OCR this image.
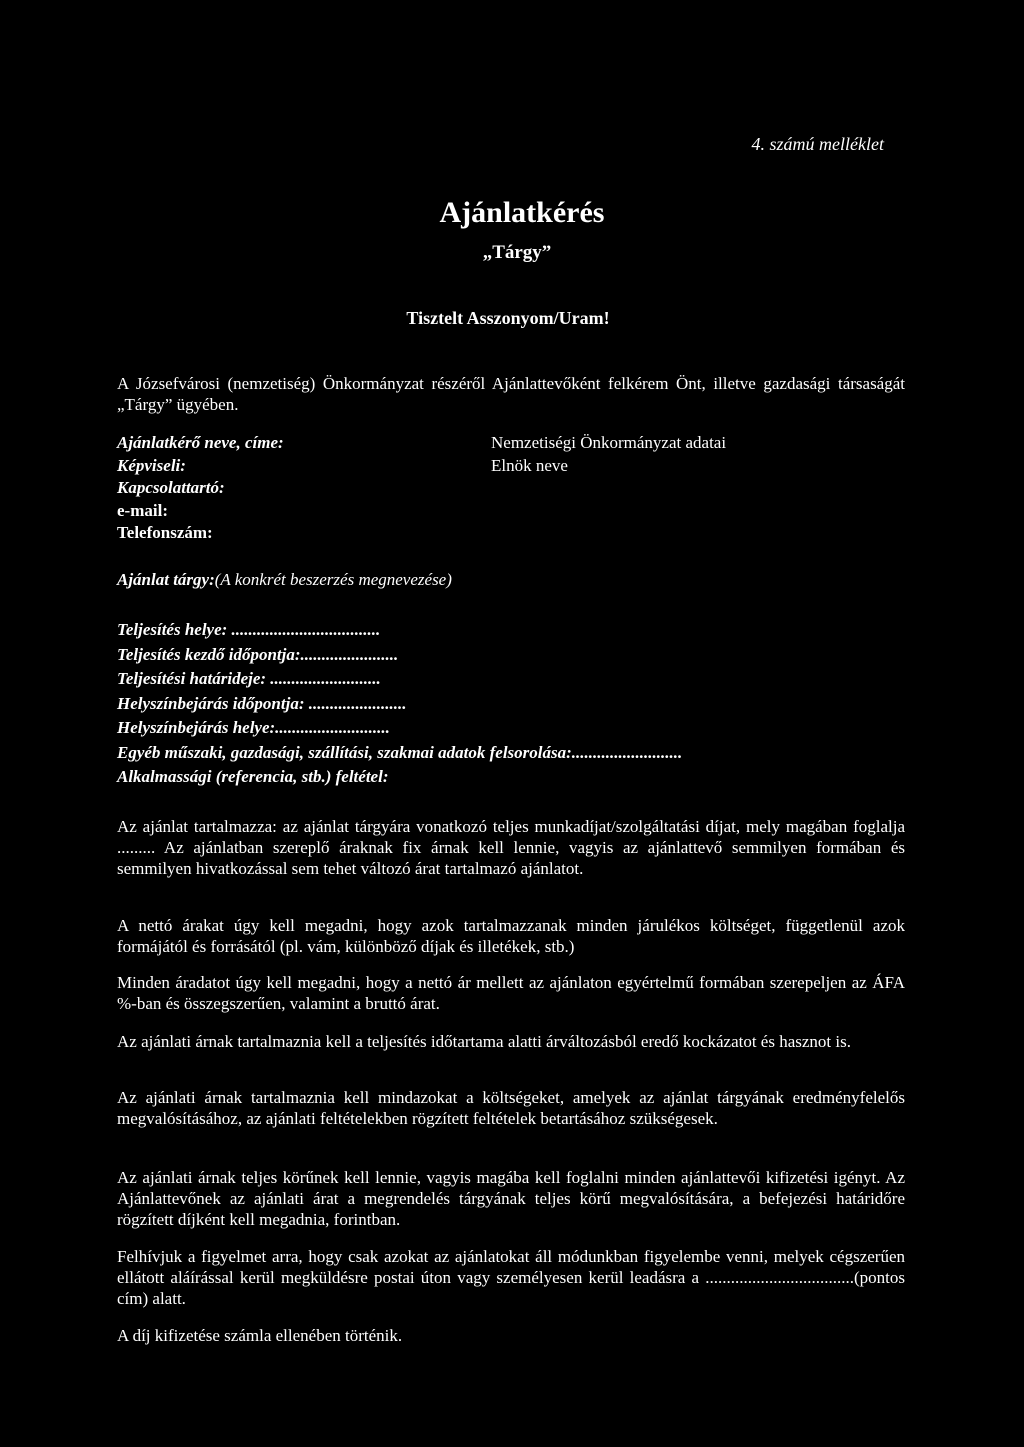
4. számú melléklet
Ajánlatkérés
„Tárgy”
Tisztelt Asszonyom/Uram!
A Józsefvárosi (nemzetiség) Önkormányzat részéről Ajánlattevőként felkérem Önt, illetve gazdasági társaságát „Tárgy” ügyében.
Ajánlatkérő neve, címe:
Képviseli:
Kapcsolattartó:
e-mail:
Telefonszám:
Nemzetiségi Önkormányzat adatai
Elnök neve
Ajánlat tárgy:(A konkrét beszerzés megnevezése)
Teljesítés helye: ...................................
Teljesítés kezdő időpontja:.......................
Teljesítési határideje: ..........................
Helyszínbejárás időpontja: .......................
Helyszínbejárás helye:...........................
Egyéb műszaki, gazdasági, szállítási, szakmai adatok felsorolása:..........................
Alkalmassági (referencia, stb.) feltétel:
Az ajánlat tartalmazza: az ajánlat tárgyára vonatkozó teljes munkadíjat/szolgáltatási díjat, mely magában foglalja ......... Az ajánlatban szereplő áraknak fix árnak kell lennie, vagyis az ajánlattevő semmilyen formában és semmilyen hivatkozással sem tehet változó árat tartalmazó ajánlatot.
A nettó árakat úgy kell megadni, hogy azok tartalmazzanak minden járulékos költséget, függetlenül azok formájától és forrásától (pl. vám, különböző díjak és illetékek, stb.)
Minden áradatot úgy kell megadni, hogy a nettó ár mellett az ajánlaton egyértelmű formában szerepeljen az ÁFA %-ban és összegszerűen, valamint a bruttó árat.
Az ajánlati árnak tartalmaznia kell a teljesítés időtartama alatti árváltozásból eredő kockázatot és hasznot is.
Az ajánlati árnak tartalmaznia kell mindazokat a költségeket, amelyek az ajánlat tárgyának eredményfelelős megvalósításához, az ajánlati feltételekben rögzített feltételek betartásához szükségesek.
Az ajánlati árnak teljes körűnek kell lennie, vagyis magába kell foglalni minden ajánlattevői kifizetési igényt. Az Ajánlattevőnek az ajánlati árat a megrendelés tárgyának teljes körű megvalósítására, a befejezési határidőre rögzített díjként kell megadnia, forintban.
Felhívjuk a figyelmet arra, hogy csak azokat az ajánlatokat áll módunkban figyelembe venni, melyek cégszerűen ellátott aláírással kerül megküldésre postai úton vagy személyesen kerül leadásra a ...................................(pontos cím) alatt.
A díj kifizetése számla ellenében történik.
